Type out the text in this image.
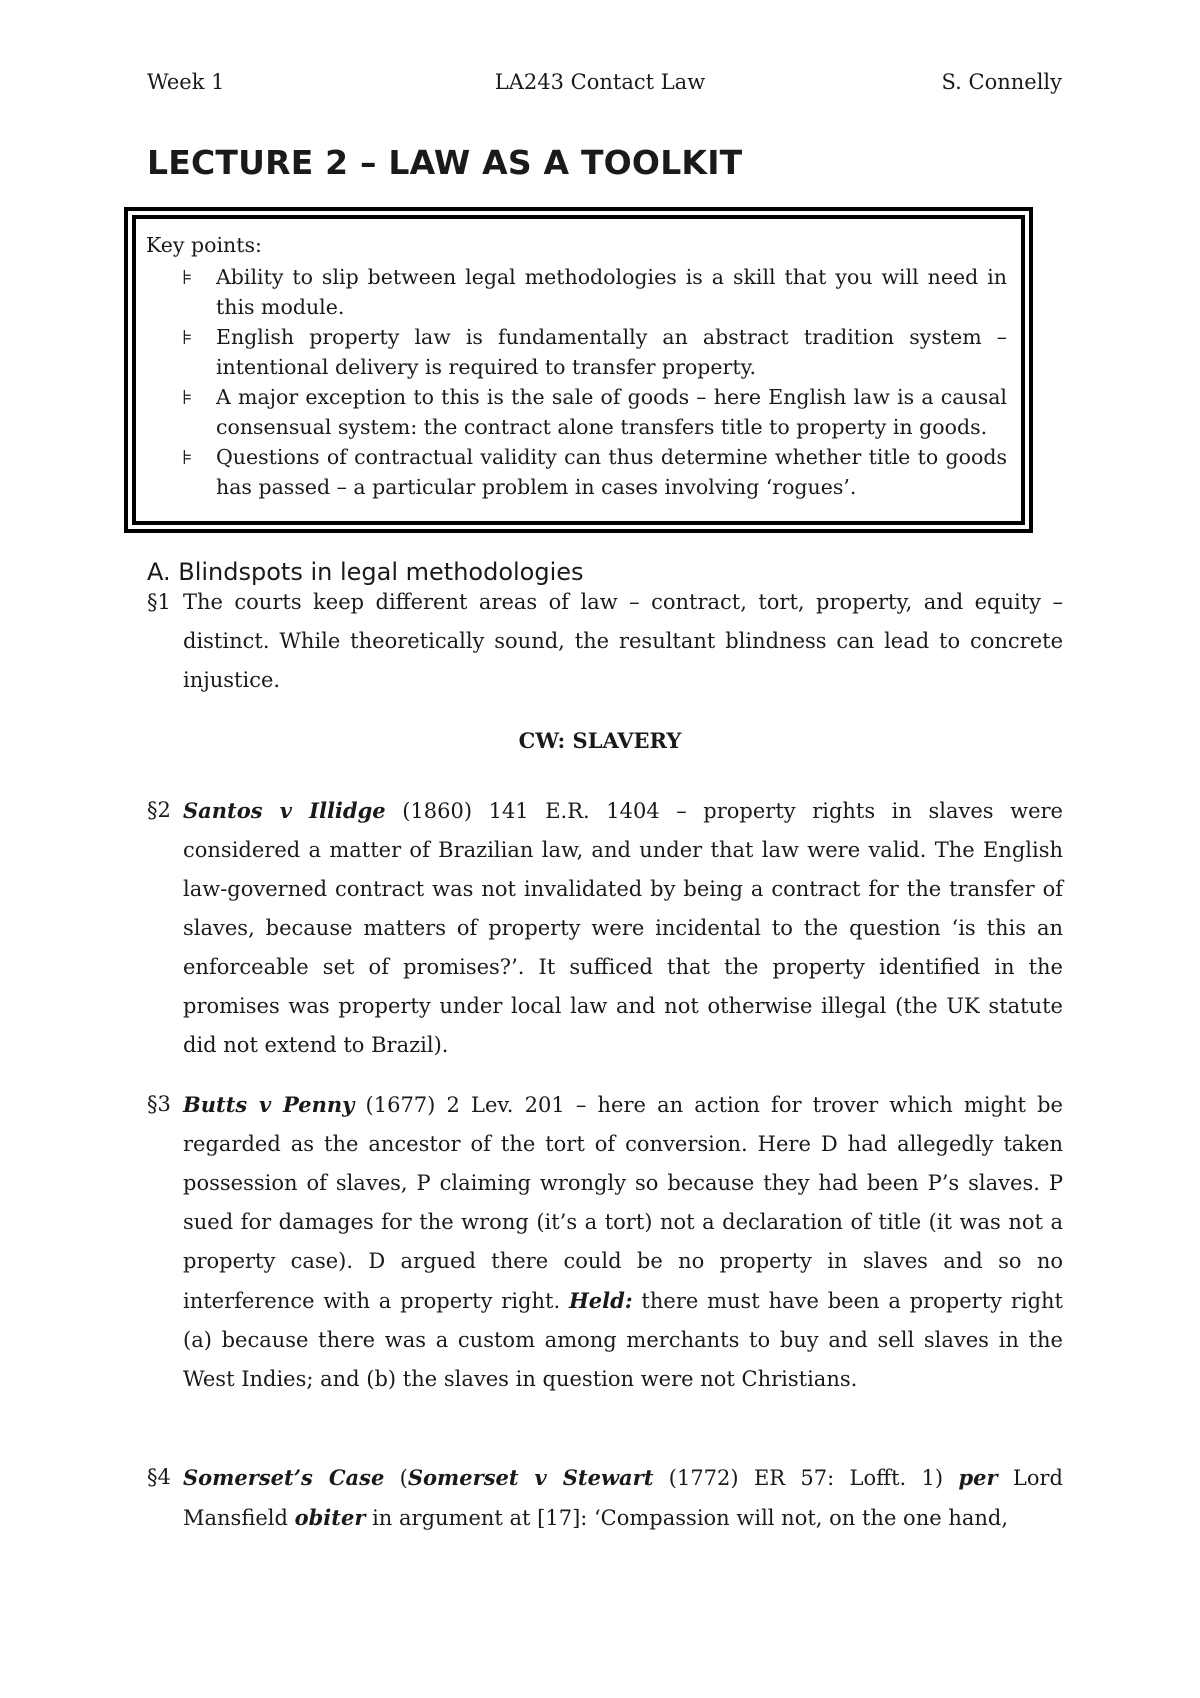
Week 1	LA243 Contact Law	S. Connelly
LECTURE 2 – LAW AS A TOOLKIT
Key points:
⊧ Ability to slip between legal methodologies is a skill that you will need in this module.
⊧ English property law is fundamentally an abstract tradition system – intentional delivery is required to transfer property.
⊧ A major exception to this is the sale of goods – here English law is a causal consensual system: the contract alone transfers title to property in goods.
⊧ Questions of contractual validity can thus determine whether title to goods has passed – a particular problem in cases involving ‘rogues’.
A. Blindspots in legal methodologies
§1 The courts keep different areas of law – contract, tort, property, and equity – distinct. While theoretically sound, the resultant blindness can lead to concrete injustice.
CW: SLAVERY
§2 Santos v Illidge (1860) 141 E.R. 1404 – property rights in slaves were considered a matter of Brazilian law, and under that law were valid. The English law-governed contract was not invalidated by being a contract for the transfer of slaves, because matters of property were incidental to the question ‘is this an enforceable set of promises?’. It sufficed that the property identified in the promises was property under local law and not otherwise illegal (the UK statute did not extend to Brazil).
§3 Butts v Penny (1677) 2 Lev. 201 – here an action for trover which might be regarded as the ancestor of the tort of conversion. Here D had allegedly taken possession of slaves, P claiming wrongly so because they had been P’s slaves. P sued for damages for the wrong (it’s a tort) not a declaration of title (it was not a property case). D argued there could be no property in slaves and so no interference with a property right. Held: there must have been a property right (a) because there was a custom among merchants to buy and sell slaves in the West Indies; and (b) the slaves in question were not Christians.
§4 Somerset’s Case (Somerset v Stewart (1772) ER 57: Lofft. 1) per Lord Mansfield obiter in argument at [17]: ‘Compassion will not, on the one hand,
